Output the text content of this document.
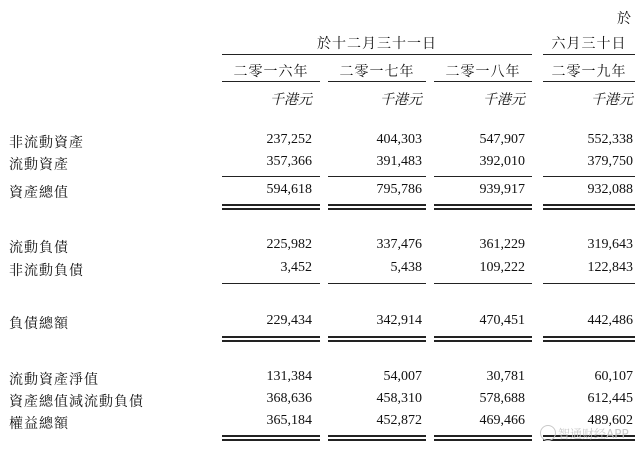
於
於十二月三十一日	六月三十日
二零一六年	二零一七年	二零一八年	二零一九年
千港元	千港元	千港元	千港元
非流動資產	237,252	404,303	547,907	552,338
流動資產	357,366	391,483	392,010	379,750
資產總值	594,618	795,786	939,917	932,088
流動負債	225,982	337,476	361,229	319,643
非流動負債	3,452	5,438	109,222	122,843
負債總額	229,434	342,914	470,451	442,486
流動資產淨值	131,384	54,007	30,781	60,107
資產總值減流動負債	368,636	458,310	578,688	612,445
權益總額	365,184	452,872	469,466	489,602
智通财经APP
